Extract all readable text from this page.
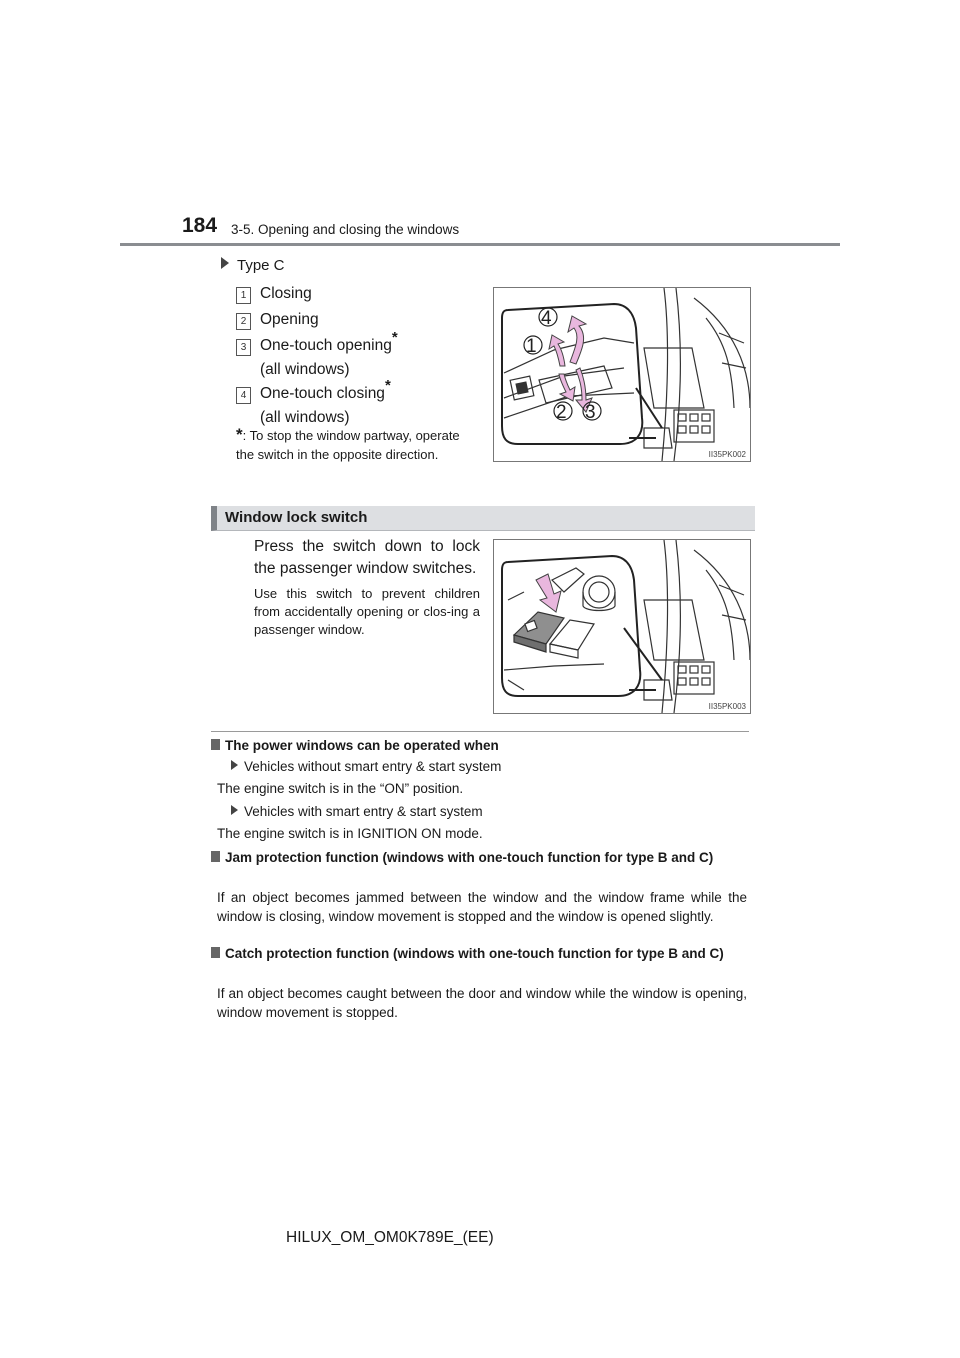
184 3-5. Opening and closing the windows
Type C
1 Closing
2 Opening
3 One-touch opening*
(all windows)
4 One-touch closing*
(all windows)
*: To stop the window partway, operate the switch in the opposite direction.
4
1
2 3
II35PK002
Window lock switch
Press the switch down to lock the passenger window switches.
Use this switch to prevent children from accidentally opening or clos-ing a passenger window.
II35PK003
The power windows can be operated when
Vehicles without smart entry & start system
The engine switch is in the “ON” position.
Vehicles with smart entry & start system
The engine switch is in IGNITION ON mode.
Jam protection function (windows with one-touch function for type B and C)
If an object becomes jammed between the window and the window frame while the window is closing, window movement is stopped and the window is opened slightly.
Catch protection function (windows with one-touch function for type B and C)
If an object becomes caught between the door and window while the window is opening, window movement is stopped.
HILUX_OM_OM0K789E_(EE)
